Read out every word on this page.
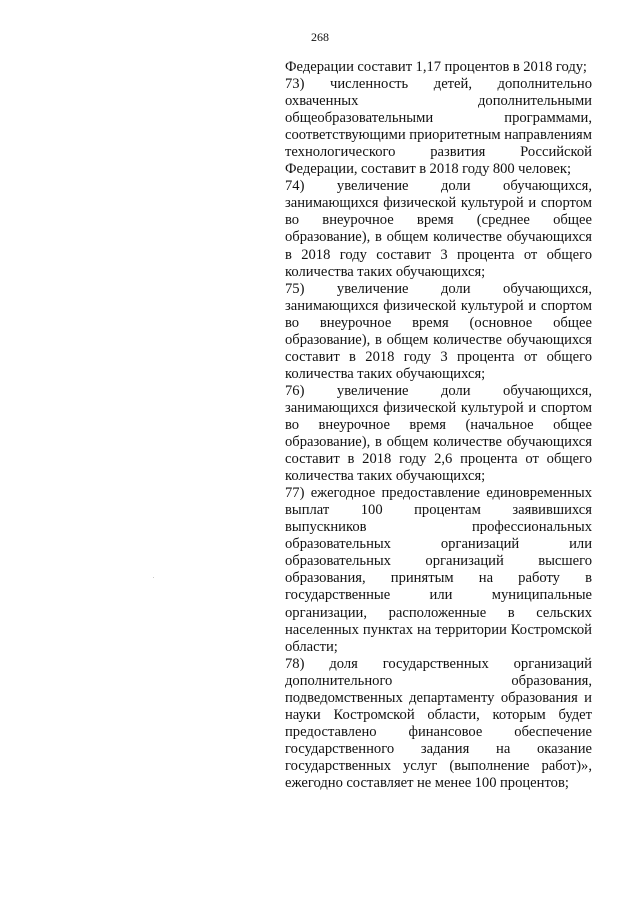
268

Федерации составит 1,17 процентов в 2018 году;

73) численность детей, дополнительно охваченных дополнительными общеобразовательными программами, соответствующими приоритетным направлениям технологического развития Российской Федерации, составит в 2018 году 800 человек;

74) увеличение доли обучающихся, занимающихся физической культурой и спортом во внеурочное время (среднее общее образование), в общем количестве обучающихся в 2018 году составит 3 процента от общего количества таких обучающихся;

75) увеличение доли обучающихся, занимающихся физической культурой и спортом во внеурочное время (основное общее образование), в общем количестве обучающихся составит в 2018 году 3 процента от общего количества таких обучающихся;

76) увеличение доли обучающихся, занимающихся физической культурой и спортом во внеурочное время (начальное общее образование), в общем количестве обучающихся составит в 2018 году 2,6 процента от общего количества таких обучающихся;

77) ежегодное предоставление единовременных выплат 100 процентам заявившихся выпускников профессиональных образовательных организаций или образовательных организаций высшего образования, принятым на работу в государственные или муниципальные организации, расположенные в сельских населенных пунктах на территории Костромской области;

78) доля государственных организаций дополнительного образования, подведомственных департаменту образования и науки Костромской области, которым будет предоставлено финансовое обеспечение государственного задания на оказание государственных услуг (выполнение работ)», ежегодно составляет не менее 100 процентов;
